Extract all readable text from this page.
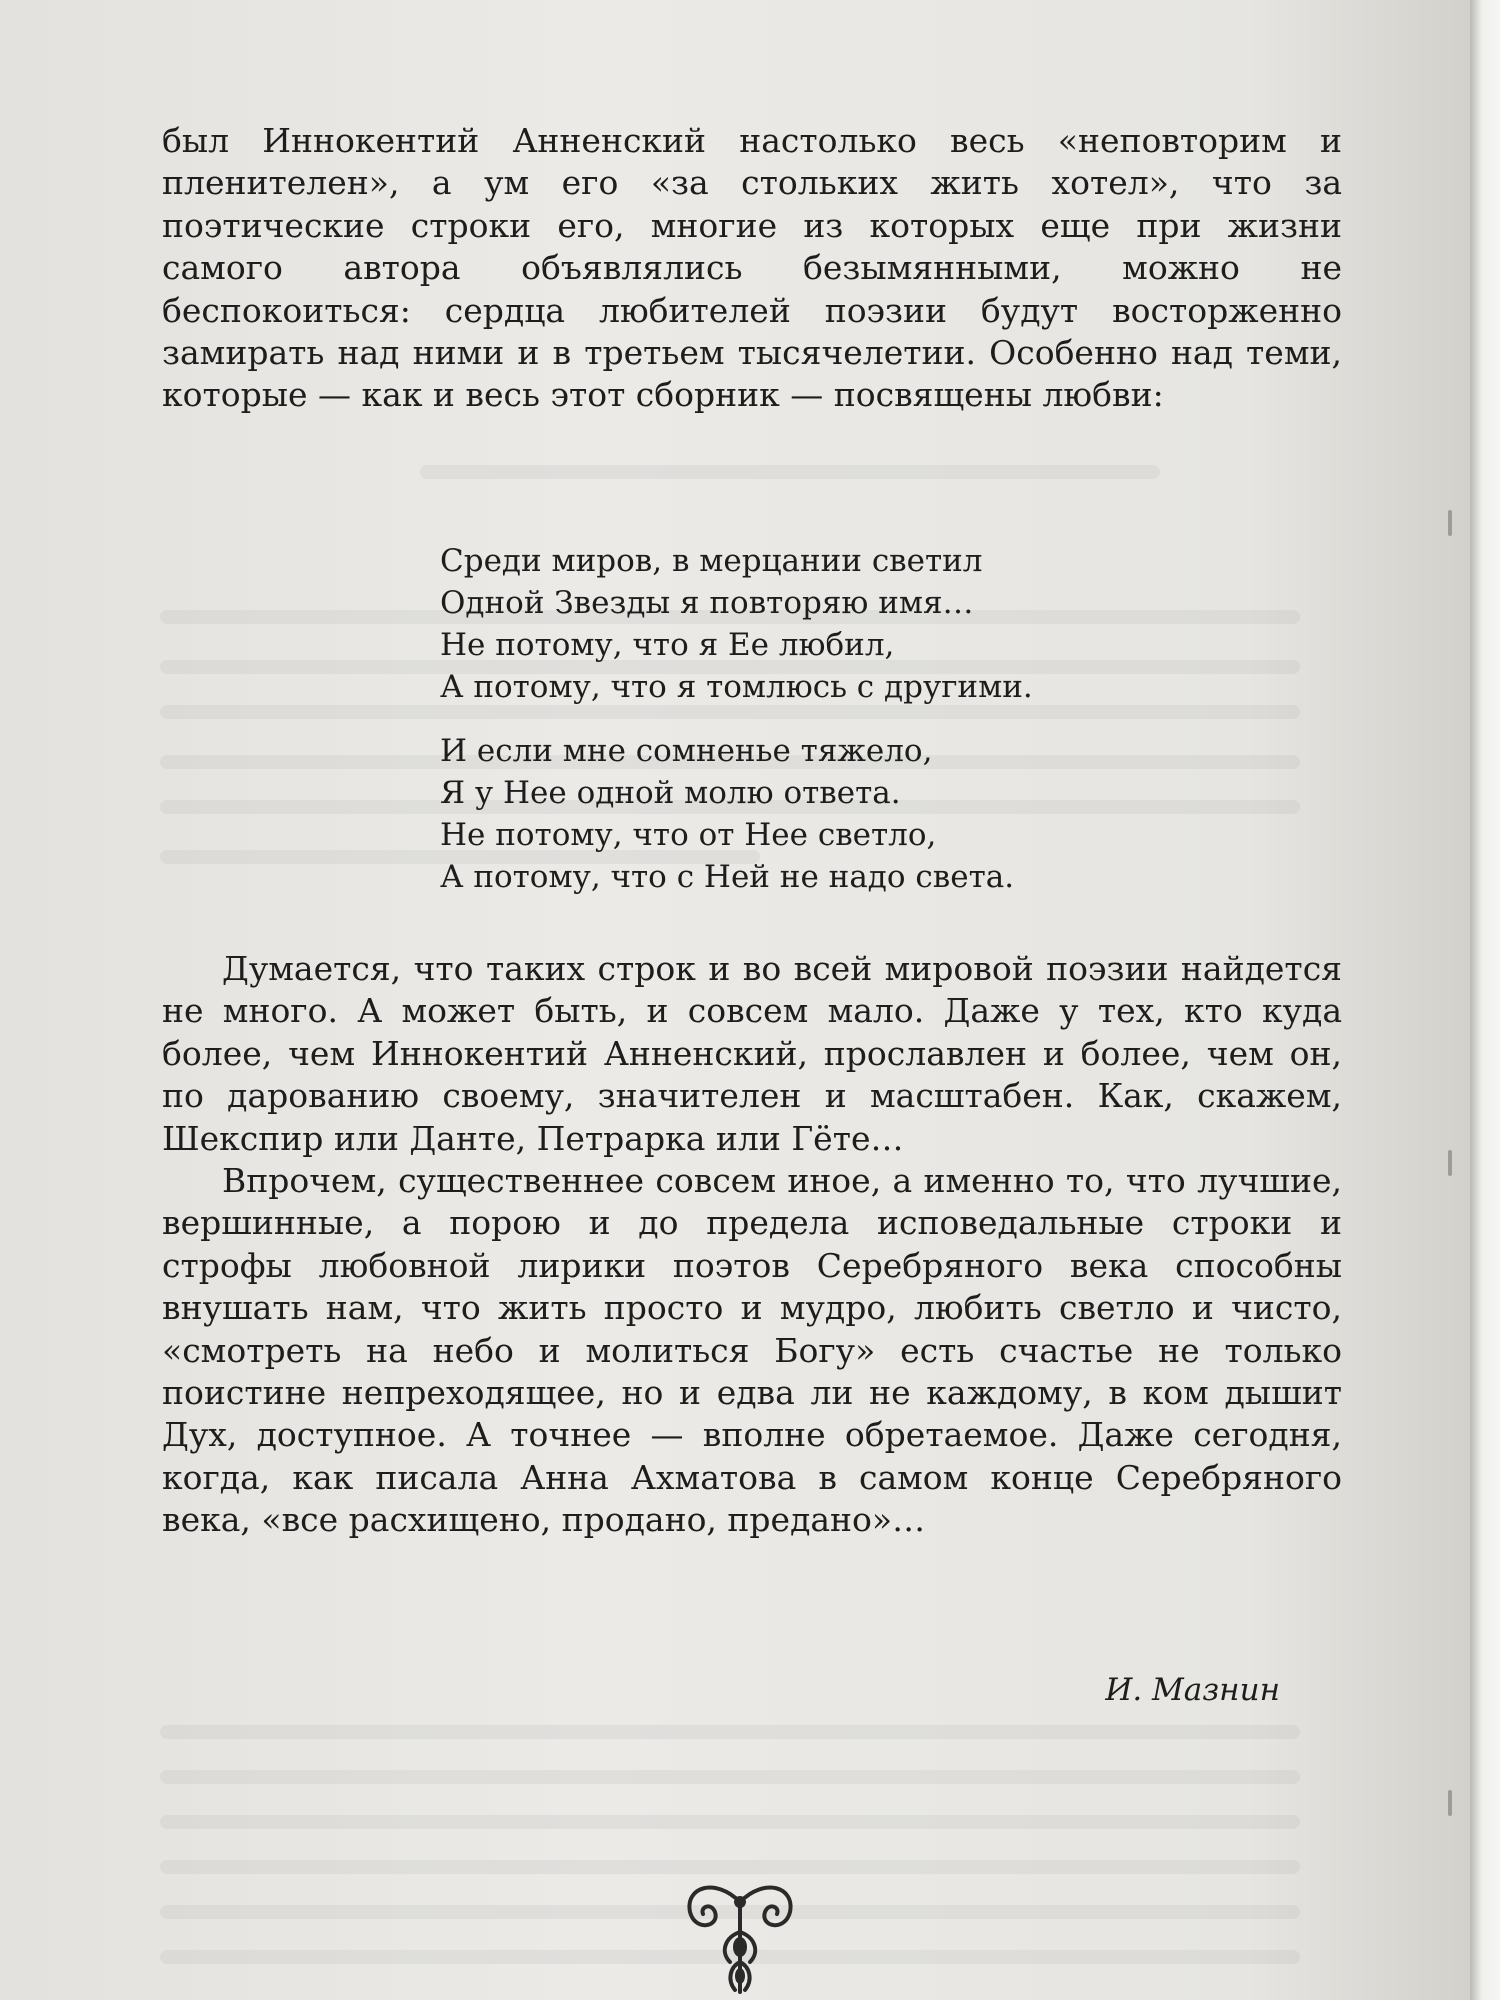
был Иннокентий Анненский настолько весь «неповторим и пленителен», а ум его «за стольких жить хотел», что за поэтические строки его, многие из которых еще при жизни самого автора объявлялись безымянными, можно не беспокоиться: сердца любителей поэзии будут восторженно замирать над ними и в третьем тысячелетии. Особенно над теми, которые — как и весь этот сборник — посвящены любви:

Среди миров, в мерцании светил
Одной Звезды я повторяю имя…
Не потому, что я Ее любил,
А потому, что я томлюсь с другими.
И если мне сомненье тяжело,
Я у Нее одной молю ответа.
Не потому, что от Нее светло,
А потому, что с Ней не надо света.

Думается, что таких строк и во всей мировой поэзии найдется не много. А может быть, и совсем мало. Даже у тех, кто куда более, чем Иннокентий Анненский, прославлен и более, чем он, по дарованию своему, значителен и масштабен. Как, скажем, Шекспир или Данте, Петрарка или Гёте…

Впрочем, существеннее совсем иное, а именно то, что лучшие, вершинные, а порою и до предела исповедальные строки и строфы любовной лирики поэтов Серебряного века способны внушать нам, что жить просто и мудро, любить светло и чисто, «смотреть на небо и молиться Богу» есть счастье не только поистине непреходящее, но и едва ли не каждому, в ком дышит Дух, доступное. А точнее — вполне обретаемое. Даже сегодня, когда, как писала Анна Ахматова в самом конце Серебряного века, «все расхищено, продано, предано»…

И. Мазнин
